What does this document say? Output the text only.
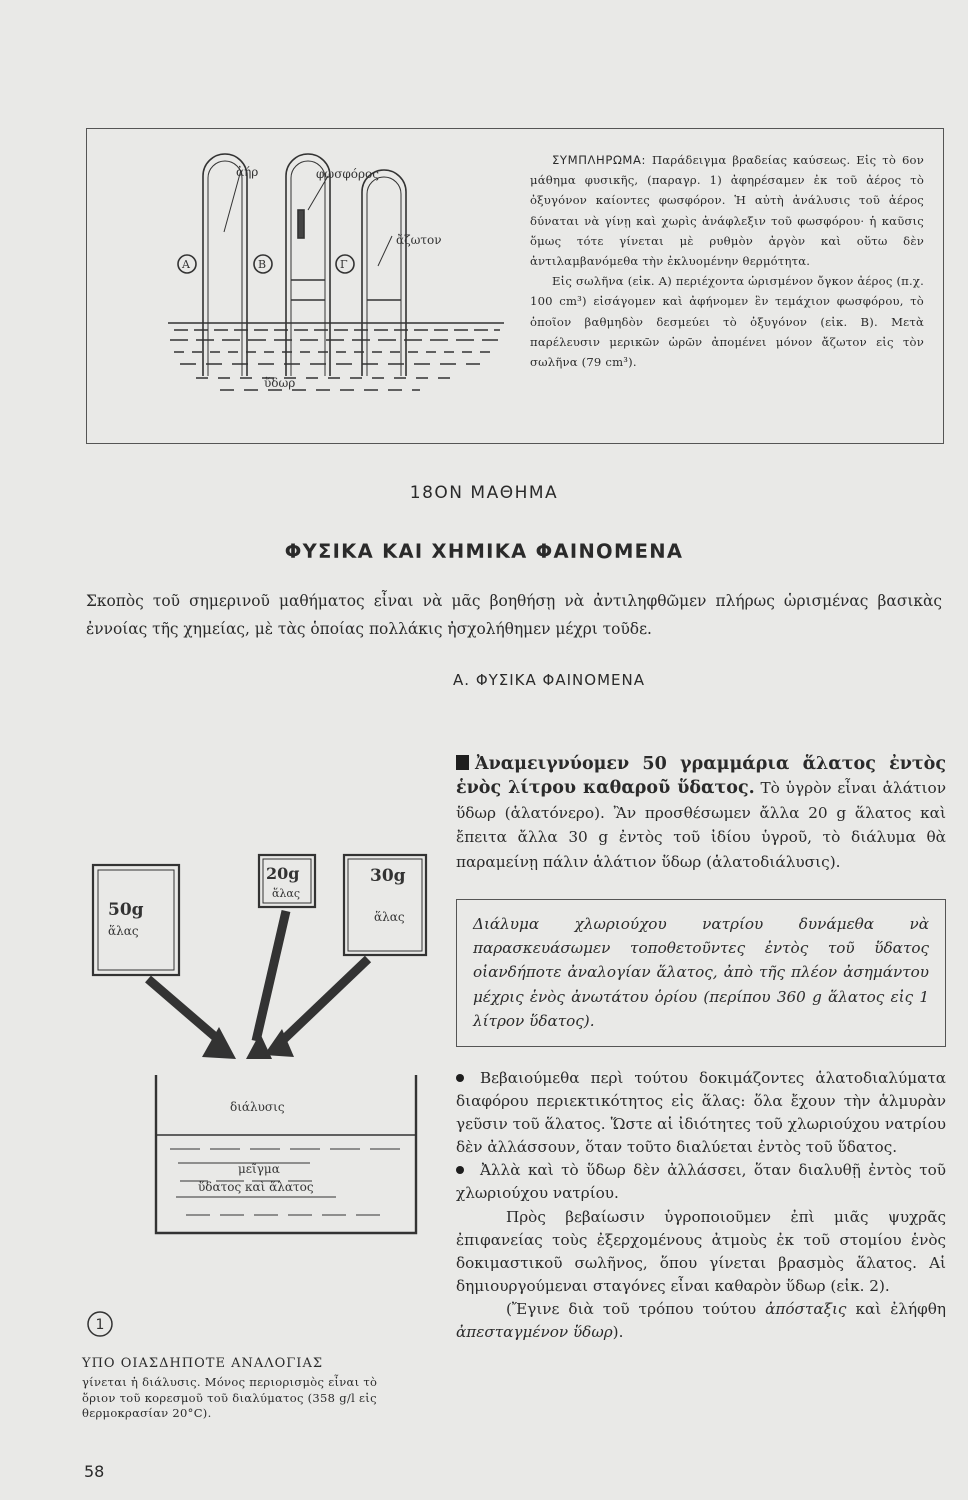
ἀήρ	φωσφόρος
ἄζωτον
ὕδωρ
Α	Β	Γ

ΣΥΜΠΛΗΡΩΜΑ: Παράδειγμα βραδείας καύσεως. Εἰς τὸ 6ον μάθημα φυσικῆς, (παραγρ. 1) ἀφηρέσαμεν ἐκ τοῦ ἀέρος τὸ ὀξυγόνον καίοντες φωσφόρον. Ἡ αὐτὴ ἀνάλυσις τοῦ ἀέρος δύναται νὰ γίνῃ καὶ χωρὶς ἀνάφλεξιν τοῦ φωσφόρου· ἡ καῦσις ὅμως τότε γίνεται μὲ ρυθμὸν ἀργὸν καὶ οὕτω δὲν ἀντιλαμβανόμεθα τὴν ἐκλυομένην θερμότητα.

Εἰς σωλῆνα (εἰκ. Α) περιέχοντα ὡρισμένον ὄγκον ἀέρος (π.χ. 100 cm³) εἰσάγομεν καὶ ἀφήνομεν ἓν τεμάχιον φωσφόρου, τὸ ὁποῖον βαθμηδὸν δεσμεύει τὸ ὀξυγόνον (εἰκ. Β). Μετὰ παρέλευσιν μερικῶν ὡρῶν ἀπομένει μόνον ἄζωτον εἰς τὸν σωλῆνα (79 cm³).

18ΟΝ ΜΑΘΗΜΑ
ΦΥΣΙΚΑ ΚΑΙ ΧΗΜΙΚΑ ΦΑΙΝΟΜΕΝΑ
Σκοπὸς τοῦ σημερινοῦ μαθήματος εἶναι νὰ μᾶς βοηθήσῃ νὰ ἀντιληφθῶμεν πλήρως ὡρισμένας βασικὰς ἐννοίας τῆς χημείας, μὲ τὰς ὁποίας πολλάκις ἠσχολήθημεν μέχρι τοῦδε.
Α. ΦΥΣΙΚΑ ΦΑΙΝΟΜΕΝΑ

Ἀναμειγνύομεν 50 γραμμάρια ἅλατος ἐντὸς ἑνὸς λίτρου καθαροῦ ὕδατος. Τὸ ὑγρὸν εἶναι ἁλάτιον ὕδωρ (ἁλατόνερο). Ἂν προσθέσωμεν ἄλλα 20 g ἅλατος καὶ ἔπειτα ἄλλα 30 g ἐντὸς τοῦ ἰδίου ὑγροῦ, τὸ διάλυμα θὰ παραμείνῃ πάλιν ἁλάτιον ὕδωρ (ἁλατοδιάλυσις).

Διάλυμα χλωριούχου νατρίου δυνάμεθα νὰ παρασκευάσωμεν τοποθετοῦντες ἐντὸς τοῦ ὕδατος οἱανδήποτε ἀναλογίαν ἅλατος, ἀπὸ τῆς πλέον ἀσημάντου μέχρις ἑνὸς ἀνωτάτου ὁρίου (περίπου 360 g ἅλατος εἰς 1 λίτρον ὕδατος).

Βεβαιούμεθα περὶ τούτου δοκιμάζοντες ἁλατοδιαλύματα διαφόρου περιεκτικότητος εἰς ἅλας: ὅλα ἔχουν τὴν ἁλμυρὰν γεῦσιν τοῦ ἅλατος. Ὥστε αἱ ἰδιότητες τοῦ χλωριούχου νατρίου δὲν ἀλλάσσουν, ὅταν τοῦτο διαλύεται ἐντὸς τοῦ ὕδατος.

Ἀλλὰ καὶ τὸ ὕδωρ δὲν ἀλλάσσει, ὅταν διαλυθῇ ἐντὸς τοῦ χλωριούχου νατρίου.

Πρὸς βεβαίωσιν ὑγροποιοῦμεν ἐπὶ μιᾶς ψυχρᾶς ἐπιφανείας τοὺς ἐξερχομένους ἀτμοὺς ἐκ τοῦ στομίου ἑνὸς δοκιμαστικοῦ σωλῆνος, ὅπου γίνεται βρασμὸς ἅλατος. Αἱ δημιουργούμεναι σταγόνες εἶναι καθαρὸν ὕδωρ (εἰκ. 2).

(Ἔγινε διὰ τοῦ τρόπου τούτου ἀπόσταξις καὶ ἐλήφθη ἀπεσταγμένον ὕδωρ).

50g
ἅλας
20g
ἅλας
30g
ἅλας
διάλυσις
μεῖγμα
ὕδατος καὶ ἅλατος
1
ΥΠΟ ΟΙΑΣΔΗΠΟΤΕ ΑΝΑΛΟΓΙΑΣ
γίνεται ἡ διάλυσις. Μόνος περιορισμὸς εἶναι τὸ ὅριον τοῦ κορεσμοῦ τοῦ διαλύματος (358 g/l εἰς θερμοκρασίαν 20°C).
58
